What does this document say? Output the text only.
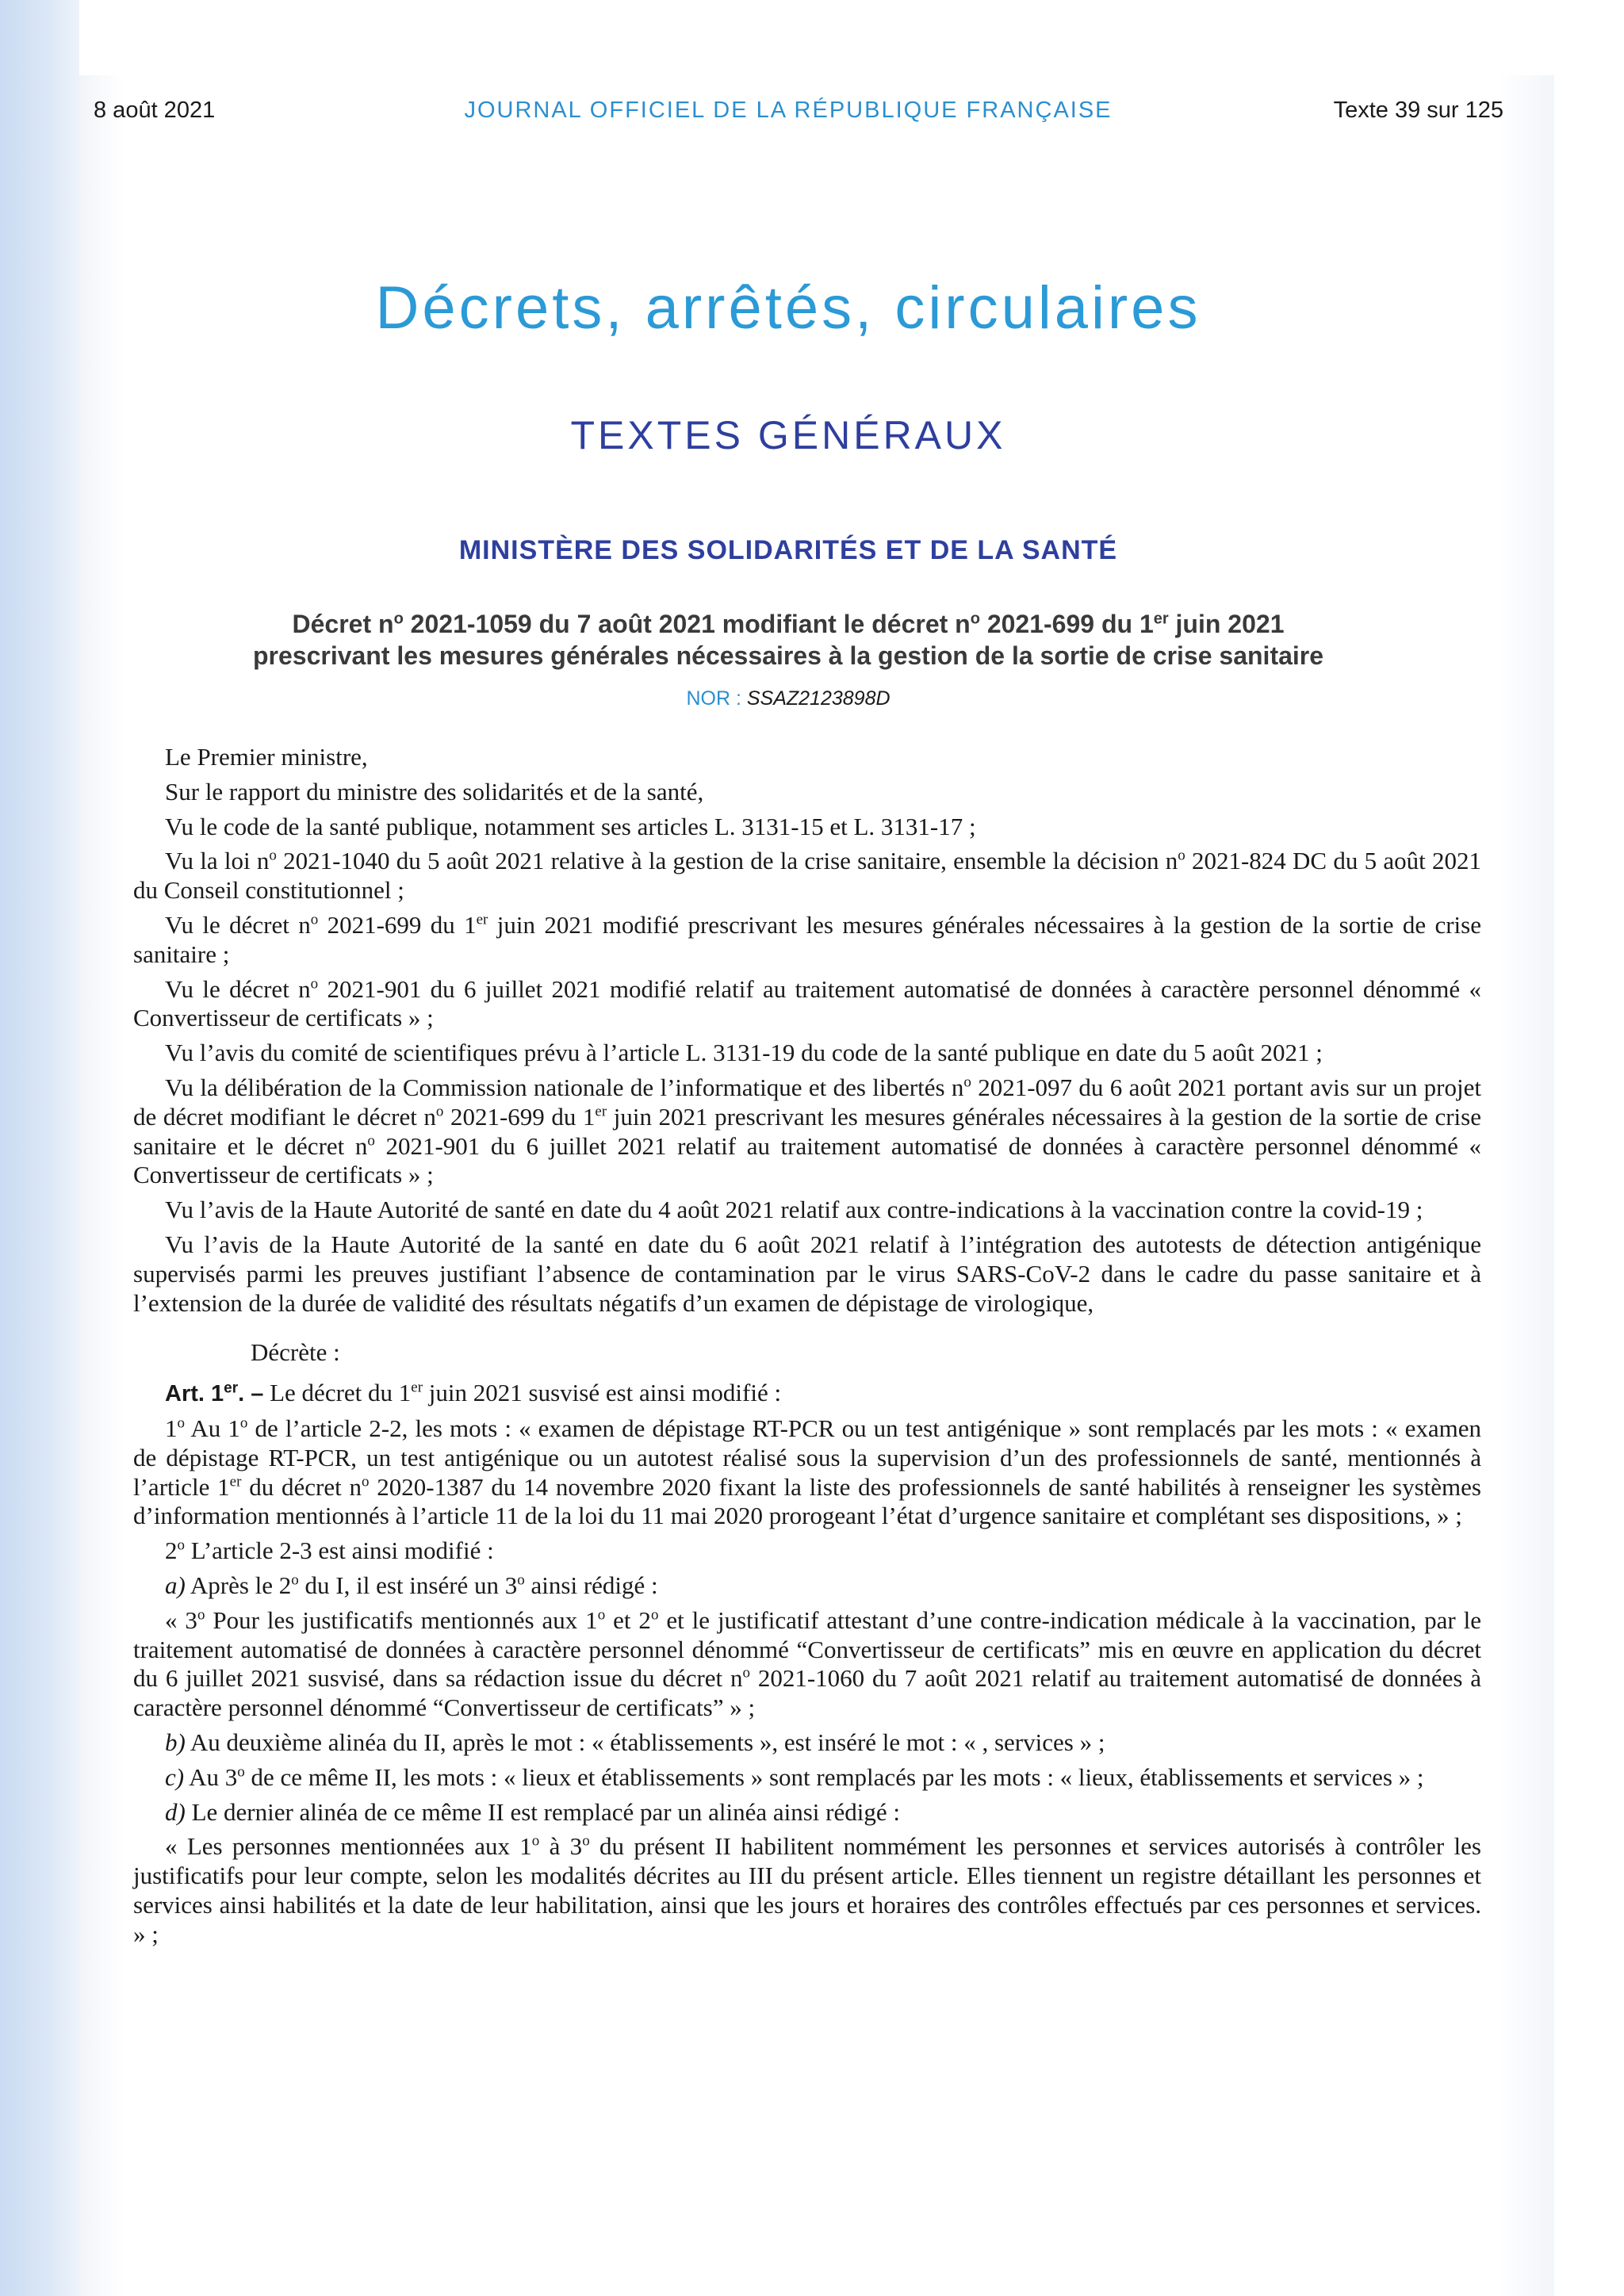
8 août 2021	JOURNAL OFFICIEL DE LA RÉPUBLIQUE FRANÇAISE	Texte 39 sur 125
Décrets, arrêtés, circulaires
TEXTES GÉNÉRAUX
MINISTÈRE DES SOLIDARITÉS ET DE LA SANTÉ
Décret $n^o$ 2021-1059 du 7 août 2021 modifiant le décret $n^o$ 2021-699 du 1er juin 2021
prescrivant les mesures générales nécessaires à la gestion de la sortie de crise sanitaire
NOR : SSAZ2123898D

Le Premier ministre,

Sur le rapport du ministre des solidarités et de la santé,

Vu le code de la santé publique, notamment ses articles L. 3131-15 et L. 3131-17 ;

Vu la loi $n^o$ 2021-1040 du 5 août 2021 relative à la gestion de la crise sanitaire, ensemble la décision $n^o$ 2021-824 DC du 5 août 2021 du Conseil constitutionnel ;

Vu le décret $n^o$ 2021-699 du 1er juin 2021 modifié prescrivant les mesures générales nécessaires à la gestion de la sortie de crise sanitaire ;

Vu le décret $n^o$ 2021-901 du 6 juillet 2021 modifié relatif au traitement automatisé de données à caractère personnel dénommé « Convertisseur de certificats » ;

Vu l’avis du comité de scientifiques prévu à l’article L. 3131-19 du code de la santé publique en date du 5 août 2021 ;

Vu la délibération de la Commission nationale de l’informatique et des libertés $n^o$ 2021-097 du 6 août 2021 portant avis sur un projet de décret modifiant le décret $n^o$ 2021-699 du 1er juin 2021 prescrivant les mesures générales nécessaires à la gestion de la sortie de crise sanitaire et le décret $n^o$ 2021-901 du 6 juillet 2021 relatif au traitement automatisé de données à caractère personnel dénommé « Convertisseur de certificats » ;

Vu l’avis de la Haute Autorité de santé en date du 4 août 2021 relatif aux contre-indications à la vaccination contre la covid-19 ;

Vu l’avis de la Haute Autorité de la santé en date du 6 août 2021 relatif à l’intégration des autotests de détection antigénique supervisés parmi les preuves justifiant l’absence de contamination par le virus SARS-CoV-2 dans le cadre du passe sanitaire et à l’extension de la durée de validité des résultats négatifs d’un examen de dépistage de virologique,

Décrète :

Art. 1er. – Le décret du 1er juin 2021 susvisé est ainsi modifié :

1$^o$ Au 1$^o$ de l’article 2-2, les mots : « examen de dépistage RT-PCR ou un test antigénique » sont remplacés par les mots : « examen de dépistage RT-PCR, un test antigénique ou un autotest réalisé sous la supervision d’un des professionnels de santé, mentionnés à l’article 1er du décret $n^o$ 2020-1387 du 14 novembre 2020 fixant la liste des professionnels de santé habilités à renseigner les systèmes d’information mentionnés à l’article 11 de la loi du 11 mai 2020 prorogeant l’état d’urgence sanitaire et complétant ses dispositions, » ;

2$^o$ L’article 2-3 est ainsi modifié :

a) Après le 2$^o$ du I, il est inséré un 3$^o$ ainsi rédigé :

« 3$^o$ Pour les justificatifs mentionnés aux 1$^o$ et 2$^o$ et le justificatif attestant d’une contre-indication médicale à la vaccination, par le traitement automatisé de données à caractère personnel dénommé “Convertisseur de certificats” mis en œuvre en application du décret du 6 juillet 2021 susvisé, dans sa rédaction issue du décret $n^o$ 2021-1060 du 7 août 2021 relatif au traitement automatisé de données à caractère personnel dénommé “Convertisseur de certificats” » ;

b) Au deuxième alinéa du II, après le mot : « établissements », est inséré le mot : « , services » ;

c) Au 3$^o$ de ce même II, les mots : « lieux et établissements » sont remplacés par les mots : « lieux, établissements et services » ;

d) Le dernier alinéa de ce même II est remplacé par un alinéa ainsi rédigé :

« Les personnes mentionnées aux 1$^o$ à 3$^o$ du présent II habilitent nommément les personnes et services autorisés à contrôler les justificatifs pour leur compte, selon les modalités décrites au III du présent article. Elles tiennent un registre détaillant les personnes et services ainsi habilités et la date de leur habilitation, ainsi que les jours et horaires des contrôles effectués par ces personnes et services. » ;
